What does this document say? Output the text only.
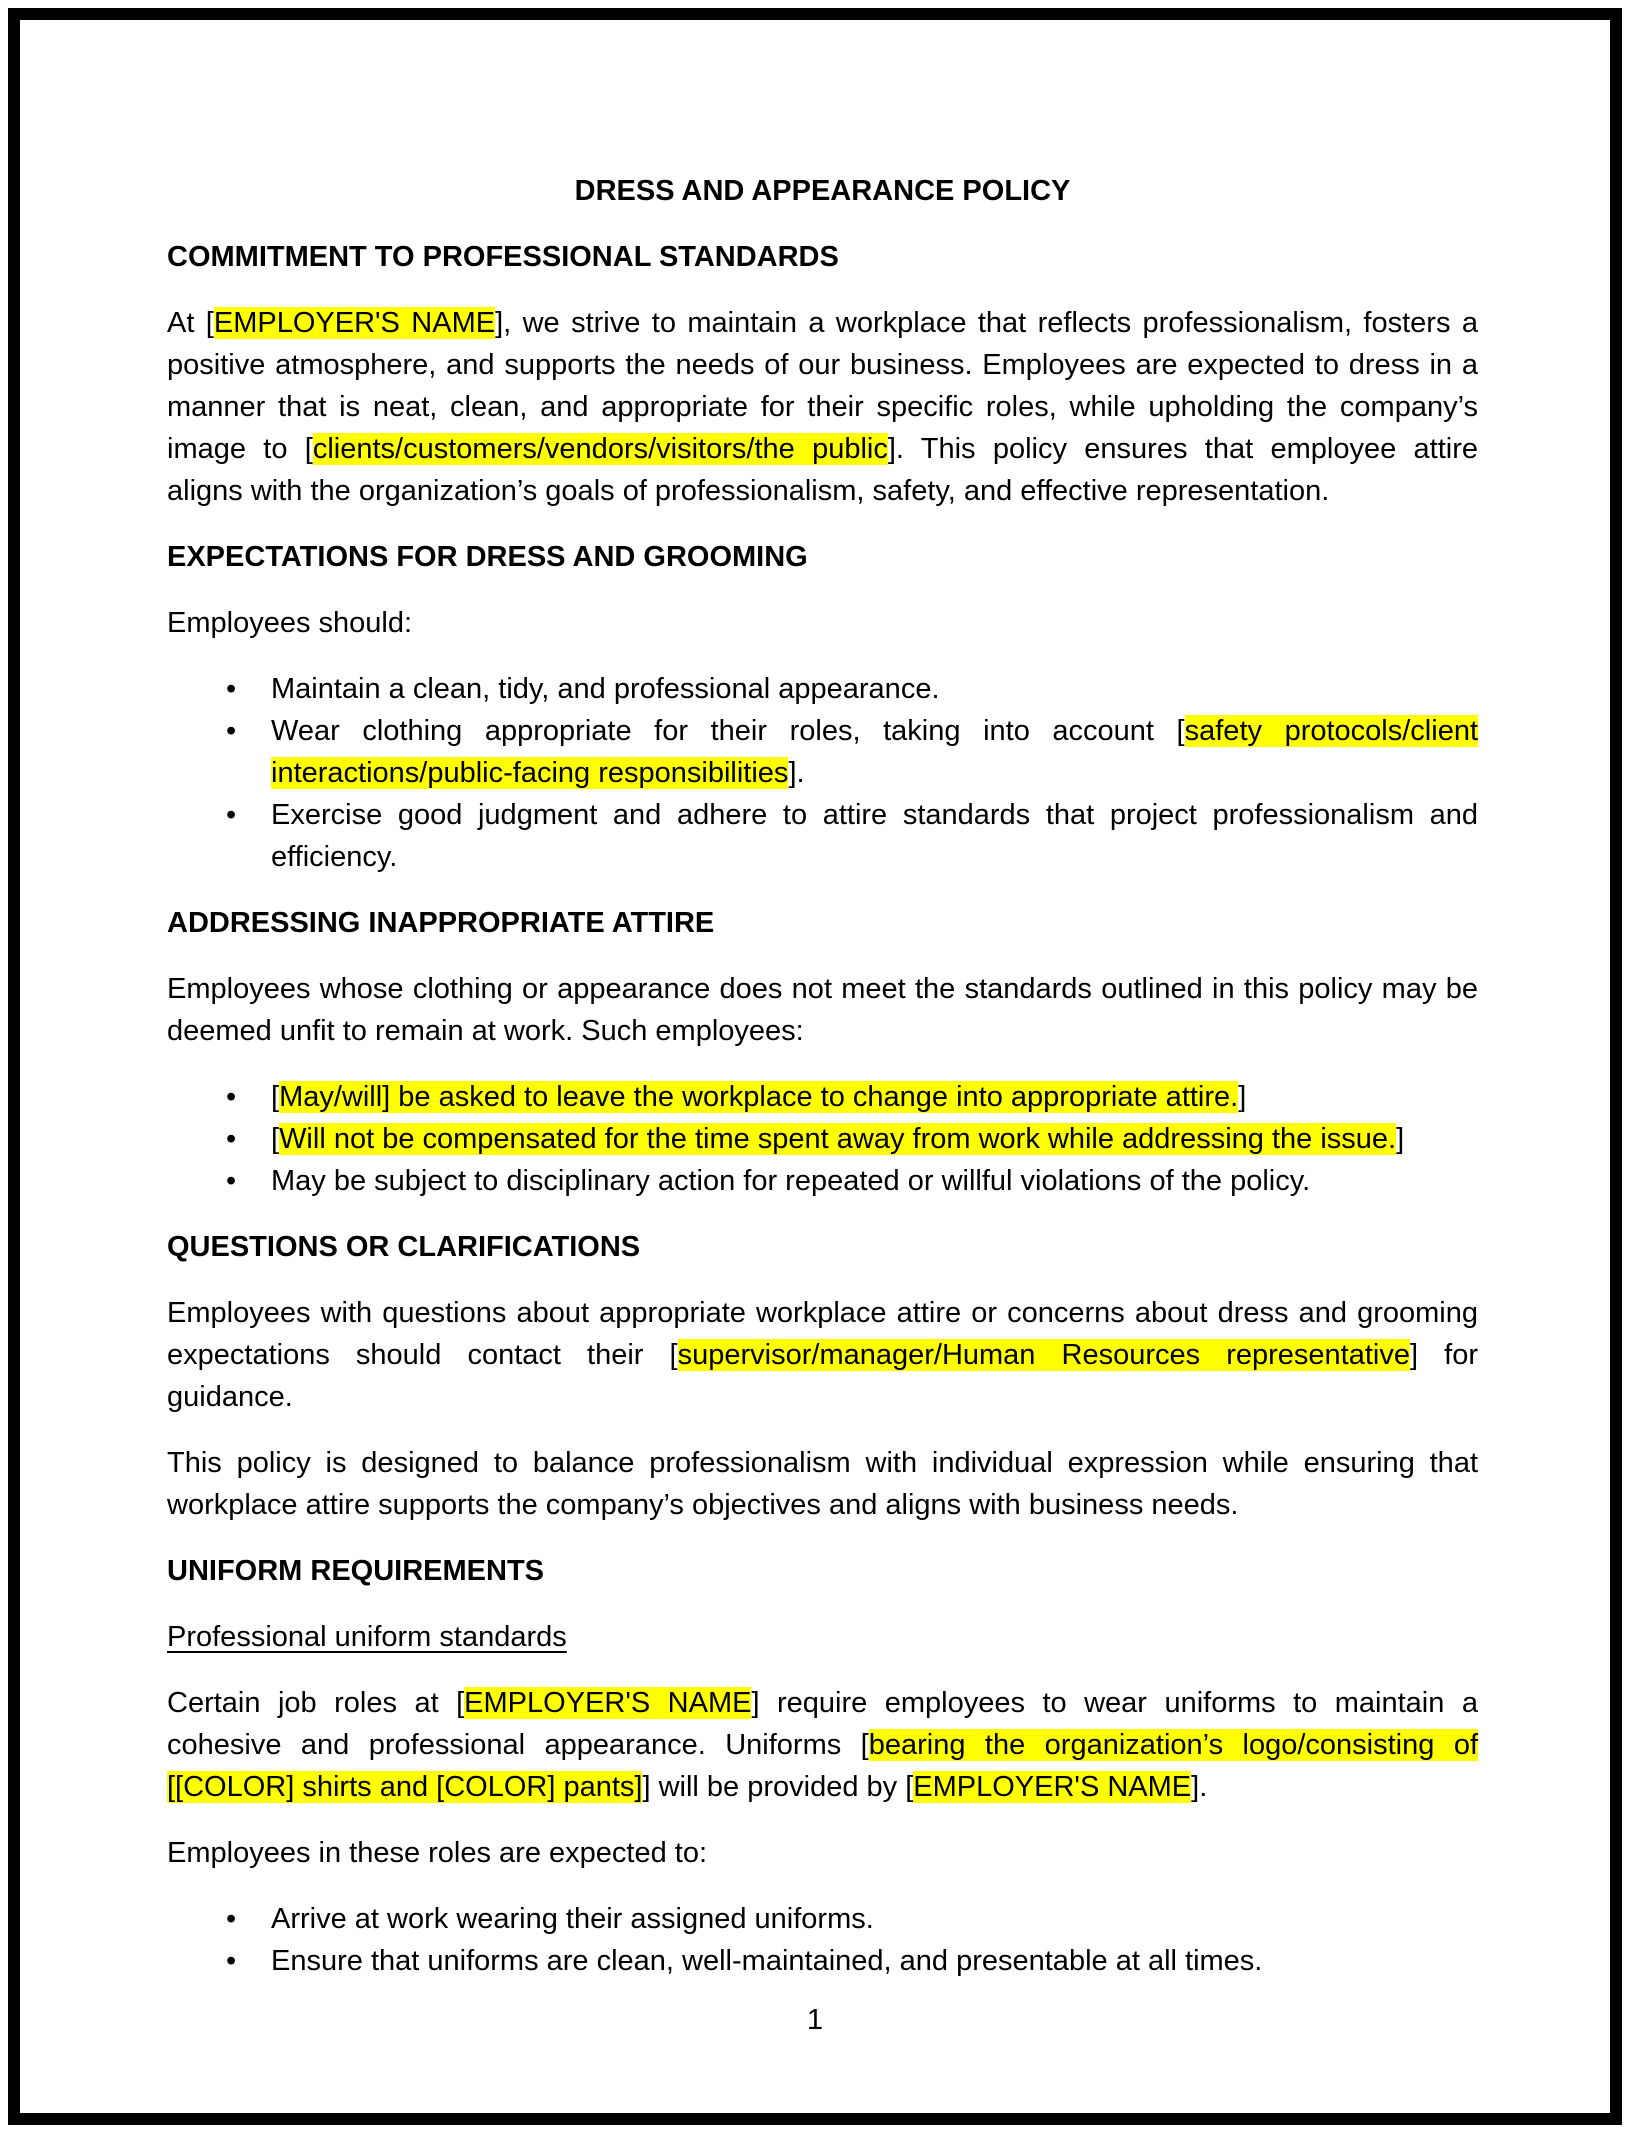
DRESS AND APPEARANCE POLICY
COMMITMENT TO PROFESSIONAL STANDARDS
At [EMPLOYER'S NAME], we strive to maintain a workplace that reflects professionalism, fosters a positive atmosphere, and supports the needs of our business. Employees are expected to dress in a manner that is neat, clean, and appropriate for their specific roles, while upholding the company’s image to [clients/customers/vendors/visitors/the public]. This policy ensures that employee attire aligns with the organization’s goals of professionalism, safety, and effective representation.
EXPECTATIONS FOR DRESS AND GROOMING
Employees should:
• Maintain a clean, tidy, and professional appearance.
• Wear clothing appropriate for their roles, taking into account [safety protocols/client interactions/public-facing responsibilities].
• Exercise good judgment and adhere to attire standards that project professionalism and efficiency.
ADDRESSING INAPPROPRIATE ATTIRE
Employees whose clothing or appearance does not meet the standards outlined in this policy may be deemed unfit to remain at work. Such employees:
• [May/will] be asked to leave the workplace to change into appropriate attire.]
• [Will not be compensated for the time spent away from work while addressing the issue.]
• May be subject to disciplinary action for repeated or willful violations of the policy.
QUESTIONS OR CLARIFICATIONS
Employees with questions about appropriate workplace attire or concerns about dress and grooming expectations should contact their [supervisor/manager/Human Resources representative] for guidance.
This policy is designed to balance professionalism with individual expression while ensuring that workplace attire supports the company’s objectives and aligns with business needs.
UNIFORM REQUIREMENTS
Professional uniform standards
Certain job roles at [EMPLOYER'S NAME] require employees to wear uniforms to maintain a cohesive and professional appearance. Uniforms [bearing the organization’s logo/consisting of [[COLOR] shirts and [COLOR] pants]] will be provided by [EMPLOYER'S NAME].
Employees in these roles are expected to:
• Arrive at work wearing their assigned uniforms.
• Ensure that uniforms are clean, well-maintained, and presentable at all times.
1
